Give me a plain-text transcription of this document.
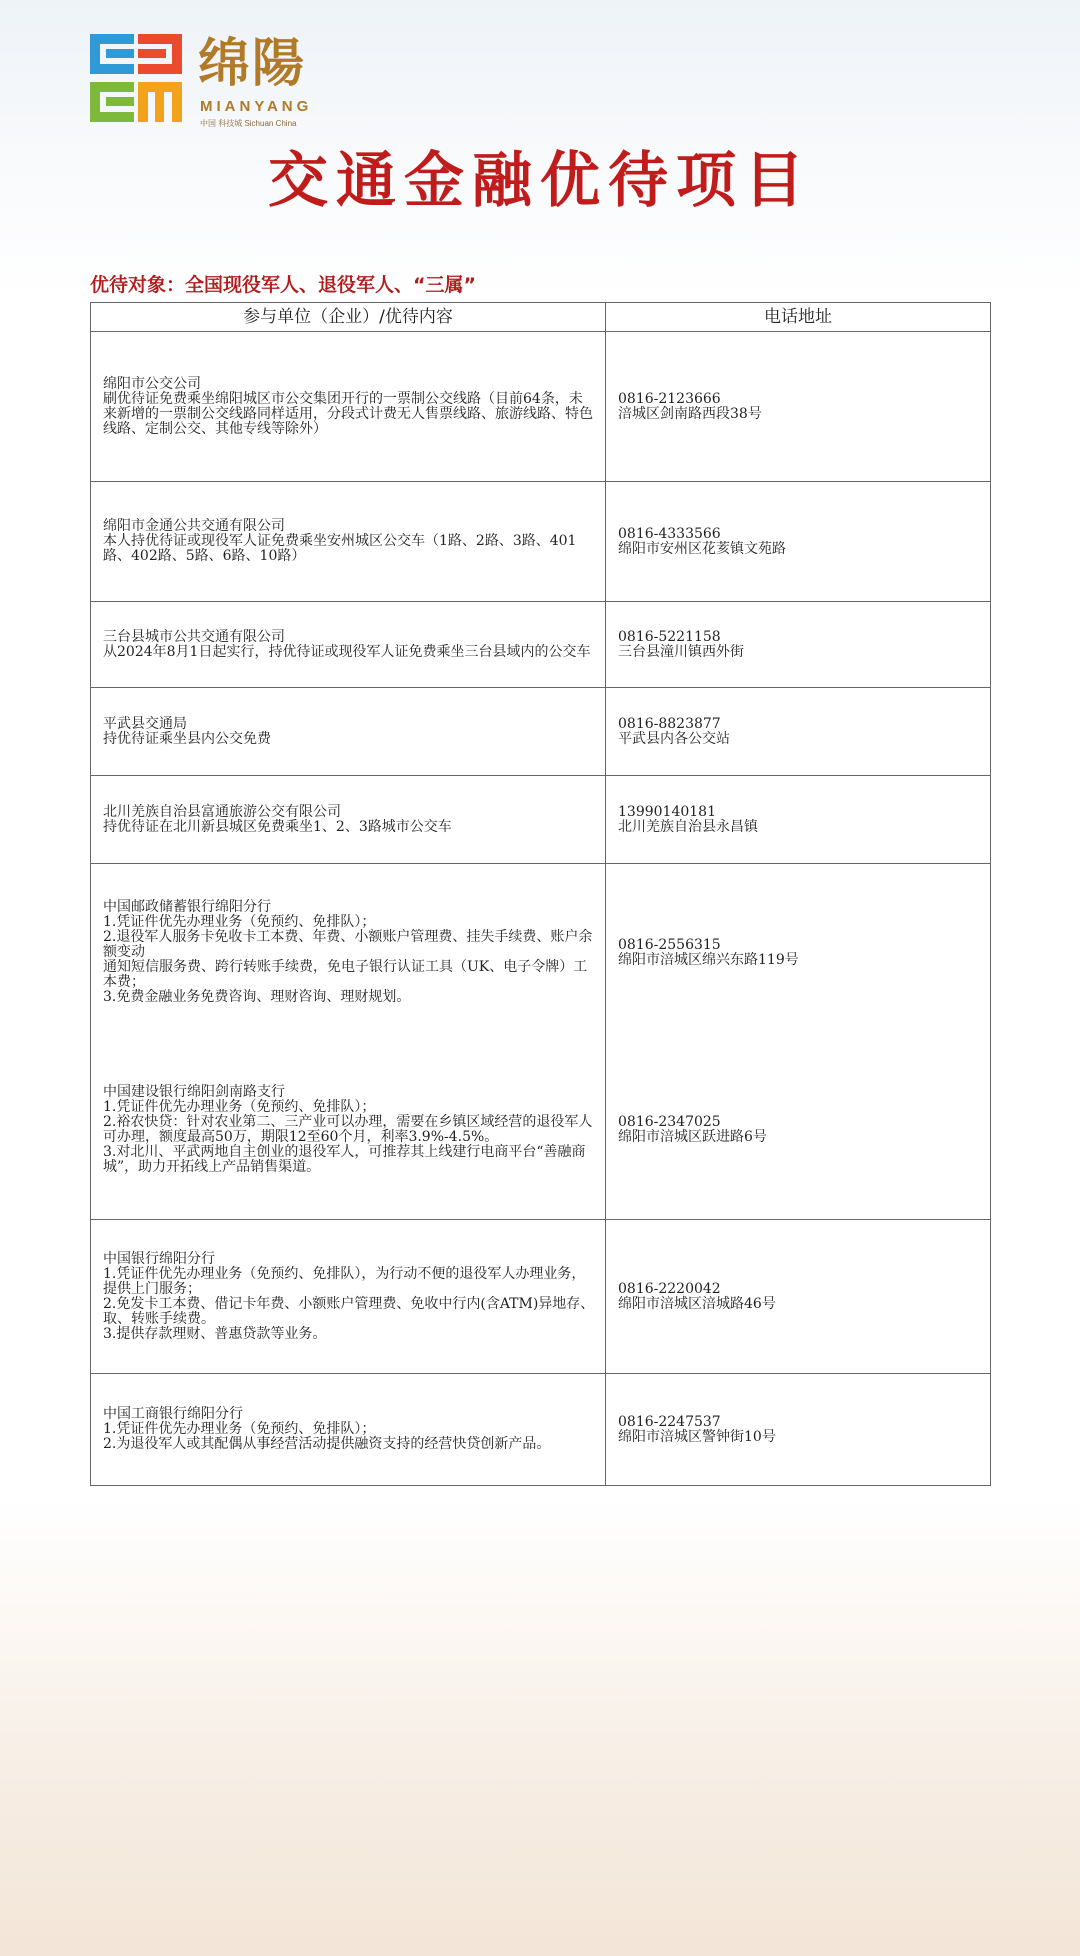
绵陽
MIANYANG
中国 科技城 Sichuan China
交通金融优待项目
优待对象：全国现役军人、退役军人、“三属”
参与单位（企业）/优待内容	电话地址

绵阳市公交公司
刷优待证免费乘坐绵阳城区市公交集团开行的一票制公交线路（目前64条，未来新增的一票制公交线路同样适用，分段式计费无人售票线路、旅游线路、特色线路、定制公交、其他专线等除外）	0816-2123666
涪城区剑南路西段38号

绵阳市金通公共交通有限公司
本人持优待证或现役军人证免费乘坐安州城区公交车（1路、2路、3路、401路、402路、5路、6路、10路）	0816-4333566
绵阳市安州区花荄镇文苑路

三台县城市公共交通有限公司
从2024年8月1日起实行，持优待证或现役军人证免费乘坐三台县域内的公交车	0816-5221158
三台县潼川镇西外街

平武县交通局
持优待证乘坐县内公交免费	0816-8823877
平武县内各公交站

北川羌族自治县富通旅游公交有限公司
持优待证在北川新县城区免费乘坐1、2、3路城市公交车	13990140181
北川羌族自治县永昌镇

中国邮政储蓄银行绵阳分行
1.凭证件优先办理业务（免预约、免排队）；
2.退役军人服务卡免收卡工本费、年费、小额账户管理费、挂失手续费、账户余额变动
通知短信服务费、跨行转账手续费，免电子银行认证工具（UK、电子令牌）工本费；
3.免费金融业务免费咨询、理财咨询、理财规划。	0816-2556315
绵阳市涪城区绵兴东路119号

中国建设银行绵阳剑南路支行
1.凭证件优先办理业务（免预约、免排队）；
2.裕农快贷：针对农业第二、三产业可以办理，需要在乡镇区域经营的退役军人可办理，额度最高50万，期限12至60个月，利率3.9%-4.5%。
3.对北川、平武两地自主创业的退役军人，可推荐其上线建行电商平台“善融商城”，助力开拓线上产品销售渠道。	0816-2347025
绵阳市涪城区跃进路6号

中国银行绵阳分行
1.凭证件优先办理业务（免预约、免排队），为行动不便的退役军人办理业务，提供上门服务；
2.免发卡工本费、借记卡年费、小额账户管理费、免收中行内(含ATM)异地存、取、转账手续费。
3.提供存款理财、普惠贷款等业务。	0816-2220042
绵阳市涪城区涪城路46号

中国工商银行绵阳分行
1.凭证件优先办理业务（免预约、免排队）；
2.为退役军人或其配偶从事经营活动提供融资支持的经营快贷创新产品。	0816-2247537
绵阳市涪城区警钟街10号
